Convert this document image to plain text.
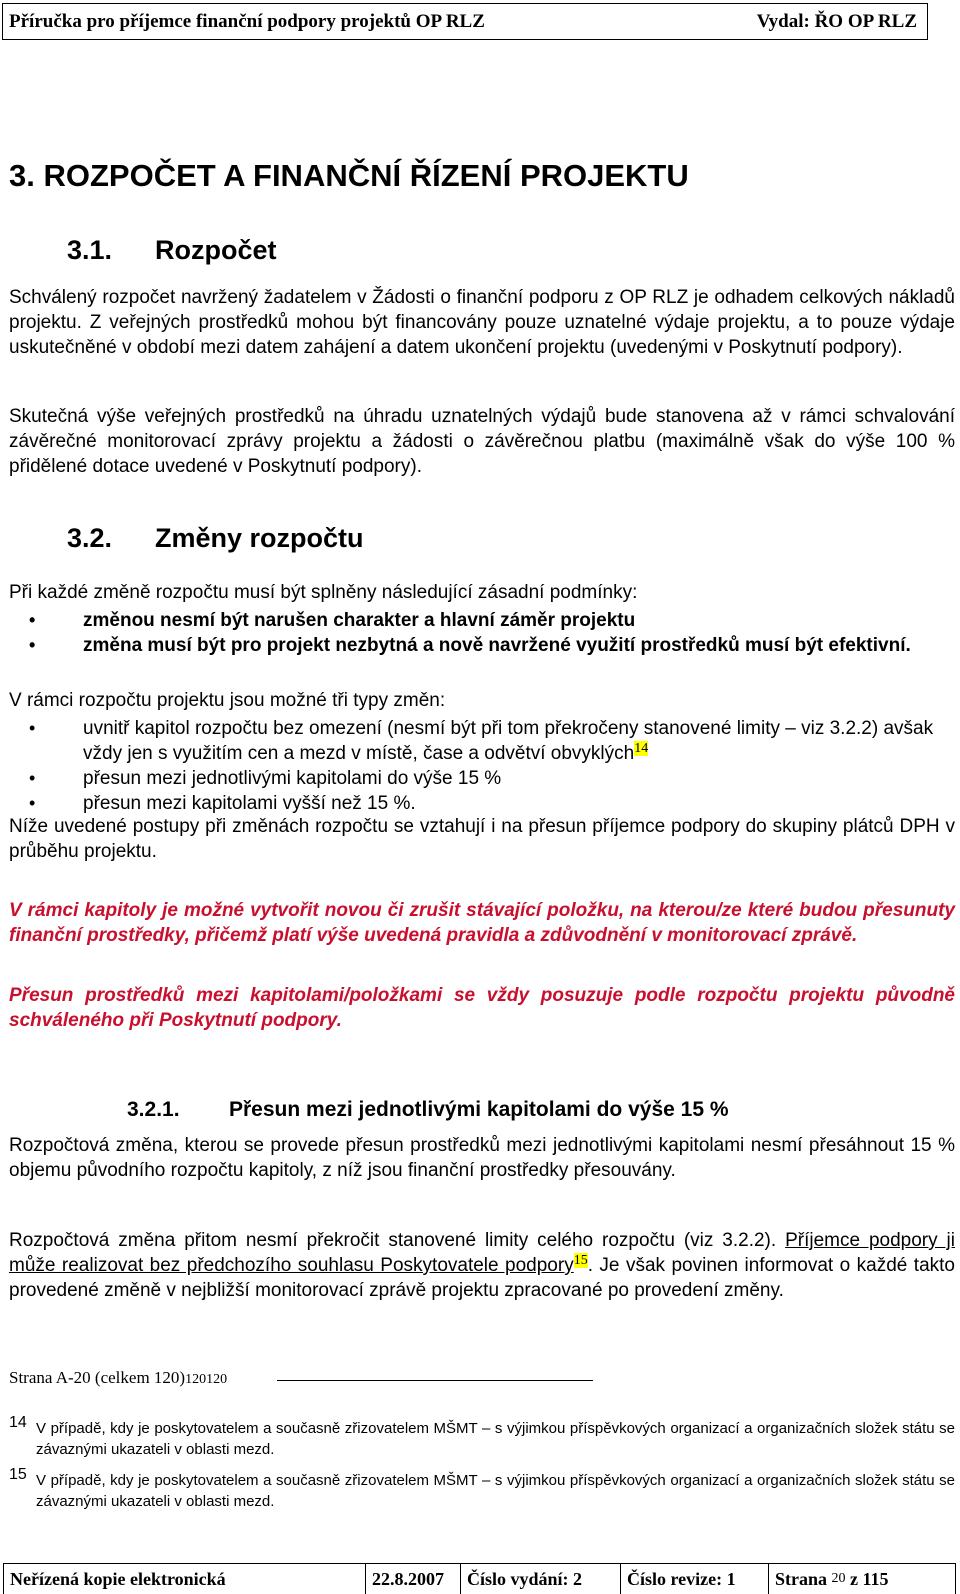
Příručka pro příjemce finanční podpory projektů OP RLZ	Vydal: ŘO OP RLZ
3. ROZPOČET A FINANČNÍ ŘÍZENÍ PROJEKTU
3.1. Rozpočet

Schválený rozpočet navržený žadatelem v Žádosti o finanční podporu z OP RLZ je odhadem celkových nákladů projektu. Z veřejných prostředků mohou být financovány pouze uznatelné výdaje projektu, a to pouze výdaje uskutečněné v období mezi datem zahájení a datem ukončení projektu (uvedenými v Poskytnutí podpory).

Skutečná výše veřejných prostředků na úhradu uznatelných výdajů bude stanovena až v rámci schvalování závěrečné monitorovací zprávy projektu a žádosti o závěrečnou platbu (maximálně však do výše 100 % přidělené dotace uvedené v Poskytnutí podpory).

3.2. Změny rozpočtu

Při každé změně rozpočtu musí být splněny následující zásadní podmínky:

• změnou nesmí být narušen charakter a hlavní záměr projektu
• změna musí být pro projekt nezbytná a nově navržené využití prostředků musí být efektivní.

V rámci rozpočtu projektu jsou možné tři typy změn:

• uvnitř kapitol rozpočtu bez omezení (nesmí být při tom překročeny stanovené limity – viz 3.2.2) avšak vždy jen s využitím cen a mezd v místě, čase a odvětví obvyklých$^{14}$
• přesun mezi jednotlivými kapitolami do výše 15 %
• přesun mezi kapitolami vyšší než 15 %.

Níže uvedené postupy při změnách rozpočtu se vztahují i na přesun příjemce podpory do skupiny plátců DPH v průběhu projektu.

V rámci kapitoly je možné vytvořit novou či zrušit stávající položku, na kterou/ze které budou přesunuty finanční prostředky, přičemž platí výše uvedená pravidla a zdůvodnění v monitorovací zprávě.

Přesun prostředků mezi kapitolami/položkami se vždy posuzuje podle rozpočtu projektu původně schváleného při Poskytnutí podpory.

3.2.1. Přesun mezi jednotlivými kapitolami do výše 15 %

Rozpočtová změna, kterou se provede přesun prostředků mezi jednotlivými kapitolami nesmí přesáhnout 15 % objemu původního rozpočtu kapitoly, z níž jsou finanční prostředky přesouvány.

Rozpočtová změna přitom nesmí překročit stanovené limity celého rozpočtu (viz 3.2.2). Příjemce podpory ji může realizovat bez předchozího souhlasu Poskytovatele podpory$^{15}$. Je však povinen informovat o každé takto provedené změně v nejbližší monitorovací zprávě projektu zpracované po provedení změny.

Strana A-20 (celkem 120)120120
14 V případě, kdy je poskytovatelem a současně zřizovatelem MŠMT – s výjimkou příspěvkových organizací a organizačních složek státu se závaznými ukazateli v oblasti mezd.
15 V případě, kdy je poskytovatelem a současně zřizovatelem MŠMT – s výjimkou příspěvkových organizací a organizačních složek státu se závaznými ukazateli v oblasti mezd.
Neřízená kopie elektronická	22.8.2007	Číslo vydání: 2	Číslo revize: 1	Strana 20 z 115
